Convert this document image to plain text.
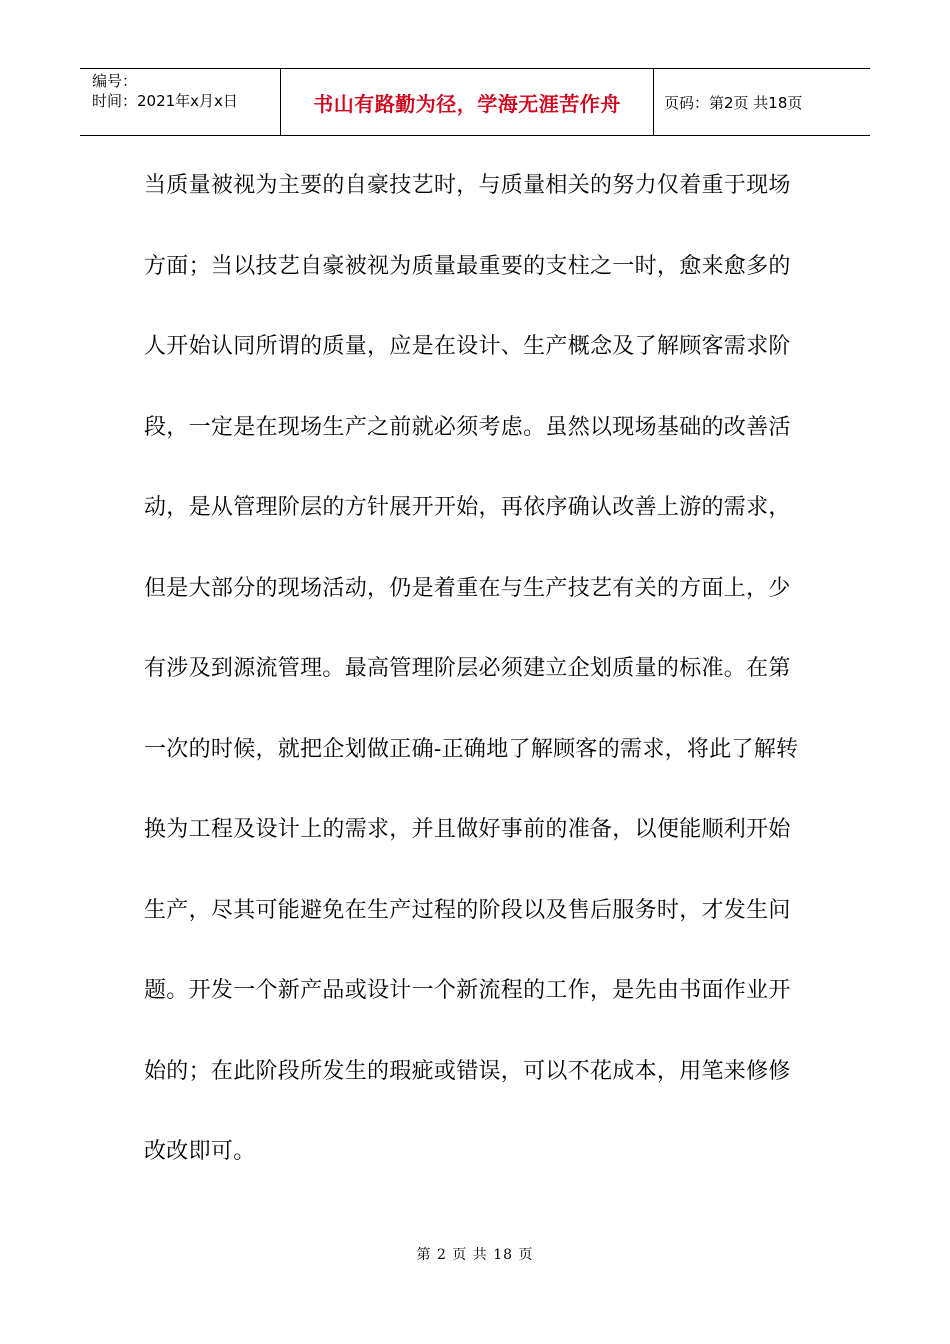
编号：
时间：2021年x月x日	书山有路勤为径，学海无涯苦作舟	页码：第2页 共18页
当质量被视为主要的自豪技艺时，与质量相关的努力仅着重于现场
方面；当以技艺自豪被视为质量最重要的支柱之一时，愈来愈多的
人开始认同所谓的质量，应是在设计、生产概念及了解顾客需求阶
段，一定是在现场生产之前就必须考虑。虽然以现场基础的改善活
动，是从管理阶层的方针展开开始，再依序确认改善上游的需求，
但是大部分的现场活动，仍是着重在与生产技艺有关的方面上，少
有涉及到源流管理。最高管理阶层必须建立企划质量的标准。在第
一次的时候，就把企划做正确-正确地了解顾客的需求，将此了解转
换为工程及设计上的需求，并且做好事前的准备，以便能顺利开始
生产，尽其可能避免在生产过程的阶段以及售后服务时，才发生问
题。开发一个新产品或设计一个新流程的工作，是先由书面作业开
始的；在此阶段所发生的瑕疵或错误，可以不花成本，用笔来修修
改改即可。
第 2 页 共 18 页
